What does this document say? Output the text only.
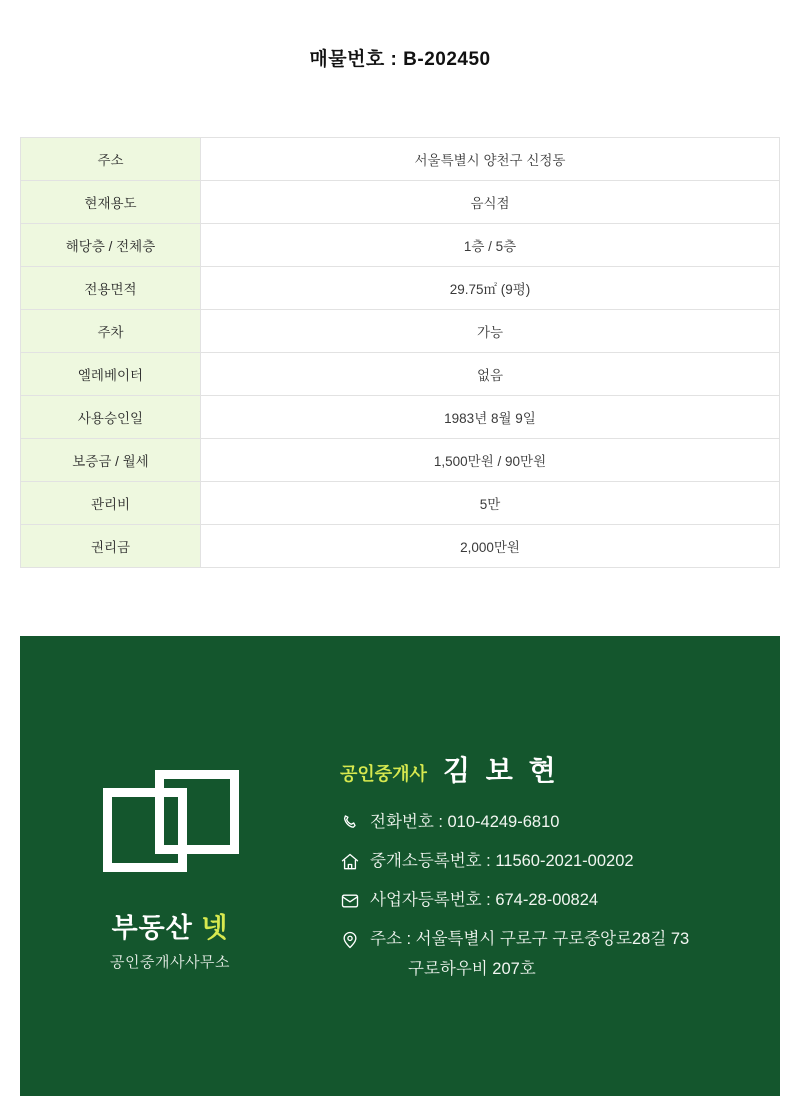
매물번호 : B-202450
주소	서울특별시 양천구 신정동
현재용도	음식점
해당층 / 전체층	1층 / 5층
전용면적	29.75㎡ (9평)
주차	가능
엘레베이터	없음
사용승인일	1983년 8월 9일
보증금 / 월세	1,500만원 / 90만원
관리비	5만
권리금	2,000만원
부동산 넷
공인중개사사무소
공인중개사 김 보 현
전화번호 : 010-4249-6810
중개소등록번호 : 11560-2021-00202
사업자등록번호 : 674-28-00824
주소 : 서울특별시 구로구 구로중앙로28길 73
구로하우비 207호
